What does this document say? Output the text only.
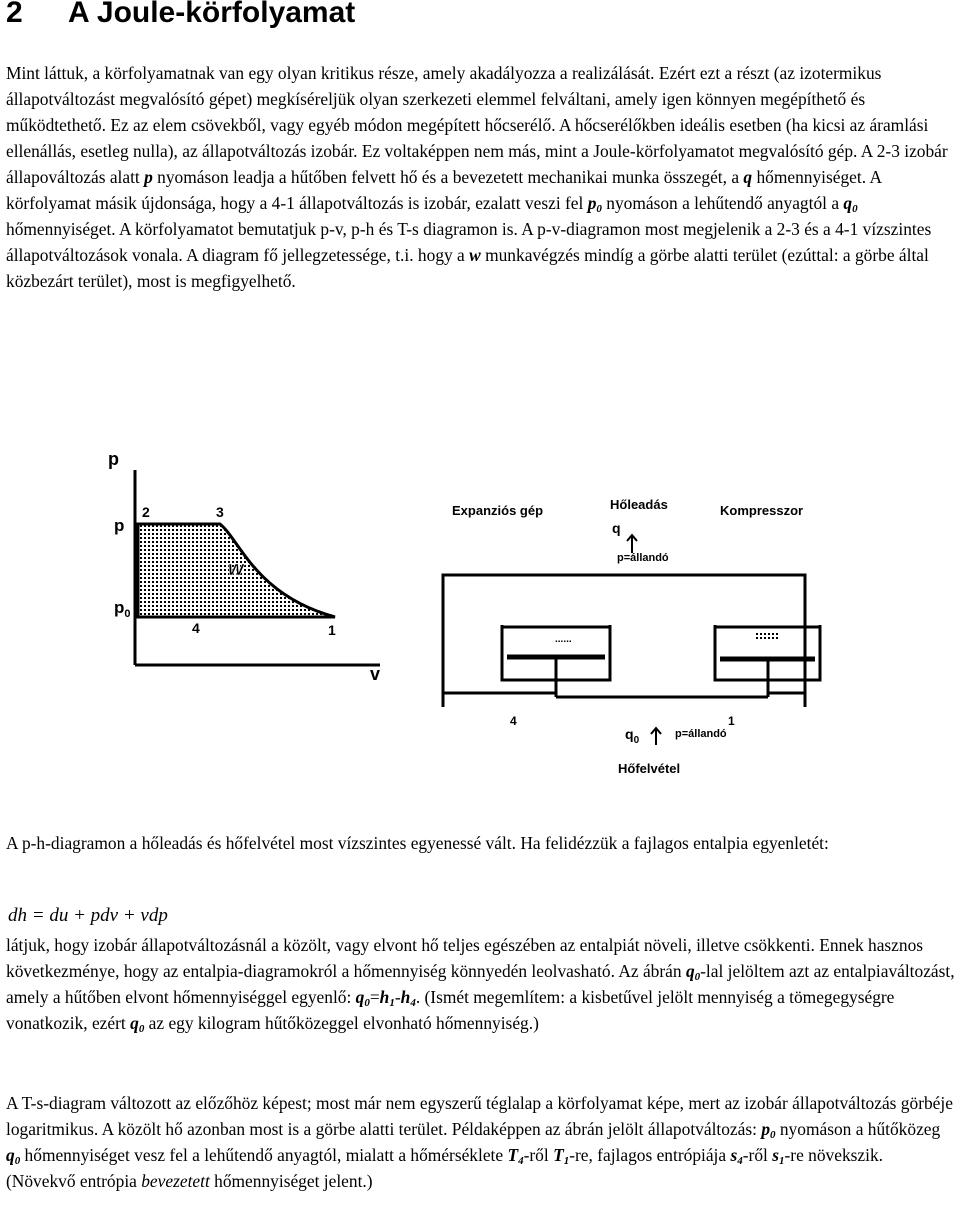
2 A Joule-körfolyamat

Mint láttuk, a körfolyamatnak van egy olyan kritikus része, amely akadályozza a realizálását. Ezért ezt a részt (az izotermikus állapotváltozást megvalósító gépet) megkíséreljük olyan szerkezeti elemmel felváltani, amely igen könnyen megépíthető és működtethető. Ez az elem csövekből, vagy egyéb módon megépített hőcserélő. A hőcserélőkben ideális esetben (ha kicsi az áramlási ellenállás, esetleg nulla), az állapotváltozás izobár. Ez voltaképpen nem más, mint a Joule-körfolyamatot megvalósító gép. A 2-3 izobár állapováltozás alatt p nyomáson leadja a hűtőben felvett hő és a bevezetett mechanikai munka összegét, a q hőmennyiséget. A körfolyamat másik újdonsága, hogy a 4-1 állapotváltozás is izobár, ezalatt veszi fel $p_0$ nyomáson a lehűtendő anyagtól a $q_0$ hőmennyiséget. A körfolyamatot bemutatjuk p-v, p-h és T-s diagramon is. A p-v-diagramon most megjelenik a 2-3 és a 4-1 vízszintes állapotváltozások vonala. A diagram fő jellegzetessége, t.i. hogy a w munkavégzés mindíg a görbe alatti terület (ezúttal: a görbe által közbezárt terület), most is megfigyelhető.

p
v
p
$p_0$
2	3
1
4
w
Expanziós gép	Kompresszor
Hőleadás
q
p=állandó
......
4	1
$q_0$
p=állandó
Hőfelvétel

A p-h-diagramon a hőleadás és hőfelvétel most vízszintes egyenessé vált. Ha felidézzük a fajlagos entalpia egyenletét:

dh = du + pdv + vdp

látjuk, hogy izobár állapotváltozásnál a közölt, vagy elvont hő teljes egészében az entalpiát növeli, illetve csökkenti. Ennek hasznos következménye, hogy az entalpia-diagramokról a hőmennyiség könnyedén leolvasható. Az ábrán $q_0$-lal jelöltem azt az entalpiaváltozást, amely a hűtőben elvont hőmennyiséggel egyenlő: $q_0=h_1-h_4$. (Ismét megemlítem: a kisbetűvel jelölt mennyiség a tömegegységre vonatkozik, ezért $q_0$ az egy kilogram hűtőközeggel elvonható hőmennyiség.)

A T-s-diagram változott az előzőhöz képest; most már nem egyszerű téglalap a körfolyamat képe, mert az izobár állapotváltozás görbéje logaritmikus. A közölt hő azonban most is a görbe alatti terület. Példaképpen az ábrán jelölt állapotváltozás: $p_0$ nyomáson a hűtőközeg $q_0$ hőmennyiséget vesz fel a lehűtendő anyagtól, mialatt a hőmérséklete $T_4$-ről $T_1-re$, fajlagos entrópiája $s_4$-ről $s_1-re$ növekszik. (Növekvő entrópia bevezetett hőmennyiséget jelent.)
